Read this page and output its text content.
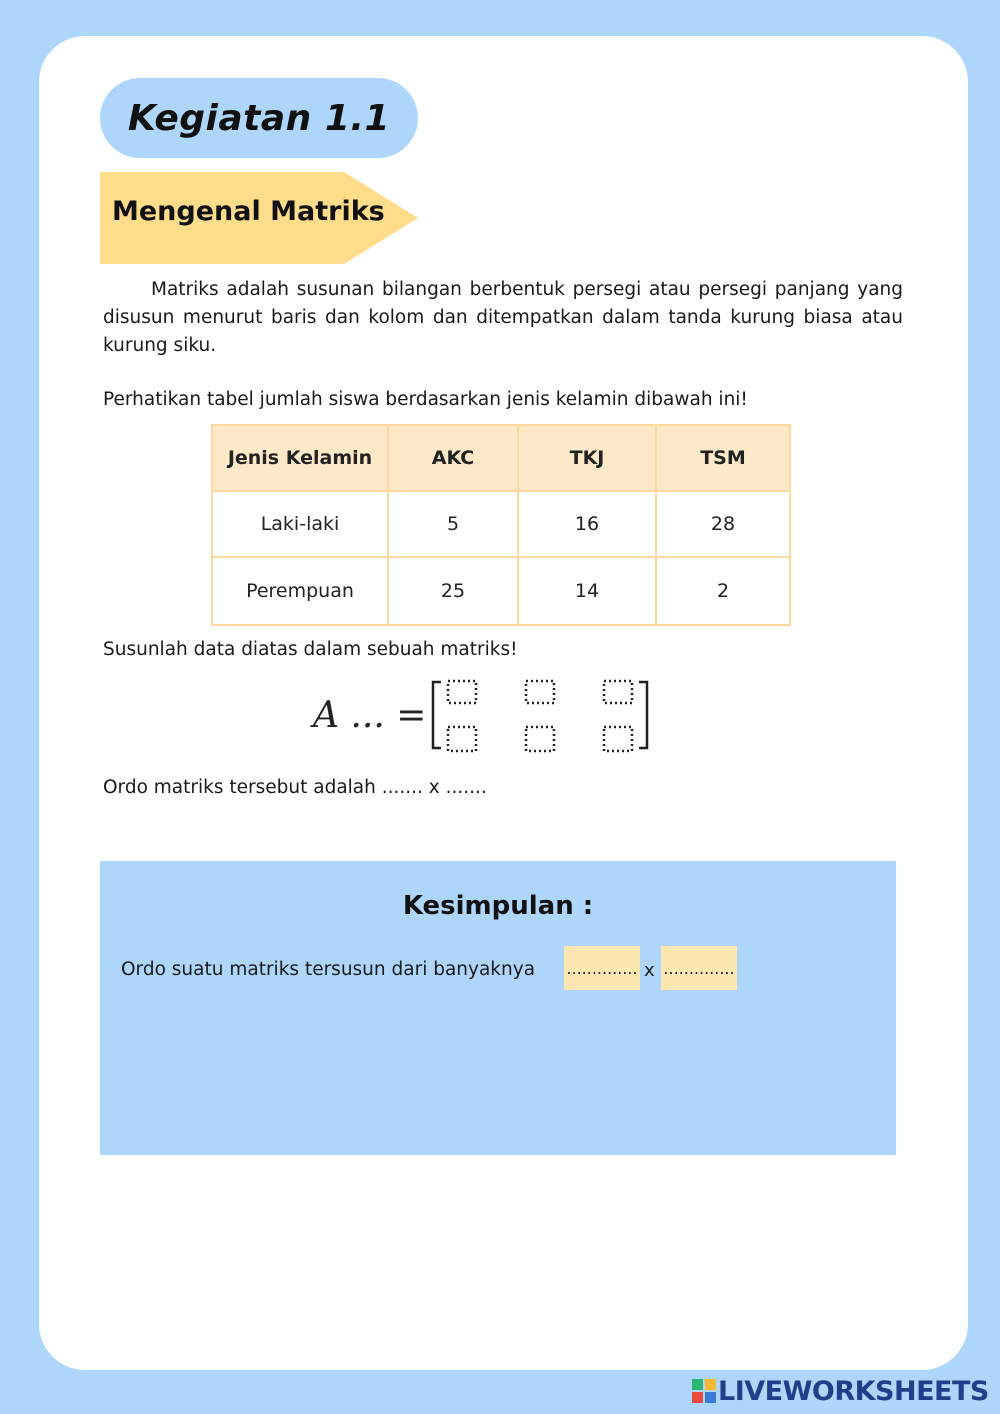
Kegiatan 1.1
Mengenal Matriks

Matriks adalah susunan bilangan berbentuk persegi atau persegi panjang yang disusun menurut baris dan kolom dan ditempatkan dalam tanda kurung biasa atau kurung siku.

Perhatikan tabel jumlah siswa berdasarkan jenis kelamin dibawah ini!

Jenis Kelamin	AKC	TKJ	TSM
Laki-laki	5	16	28
Perempuan	25	14	2

Susunlah data diatas dalam sebuah matriks!

A ... =

Ordo matriks tersebut adalah ....... x .......

Kesimpulan :
Ordo suatu matriks tersusun dari banyaknya .............. x ..............
LIVEWORKSHEETS
